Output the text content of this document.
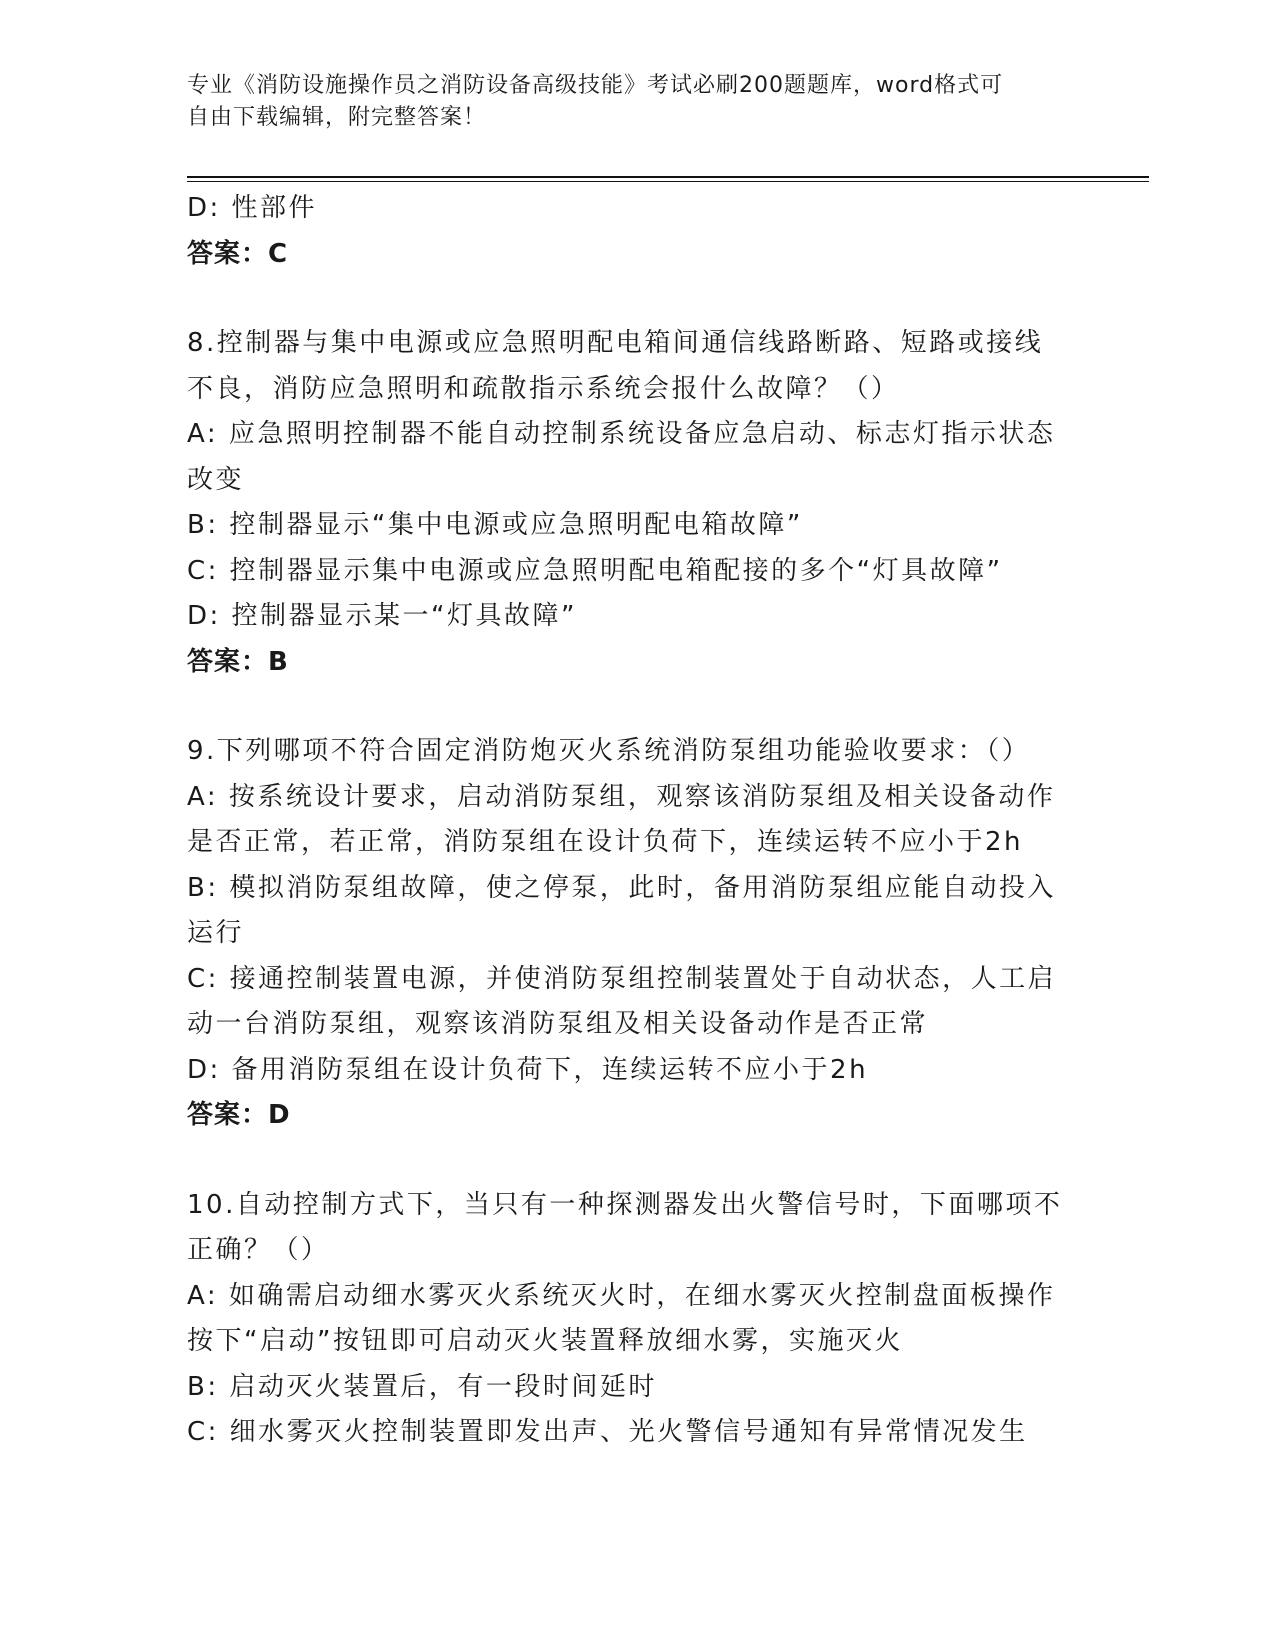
专业《消防设施操作员之消防设备高级技能》考试必刷200题题库，word格式可
自由下载编辑，附完整答案！
D: 性部件
答案：C
8.控制器与集中电源或应急照明配电箱间通信线路断路、短路或接线
不良，消防应急照明和疏散指示系统会报什么故障？（）
A: 应急照明控制器不能自动控制系统设备应急启动、标志灯指示状态
改变
B: 控制器显示“集中电源或应急照明配电箱故障”
C: 控制器显示集中电源或应急照明配电箱配接的多个“灯具故障”
D: 控制器显示某一“灯具故障”
答案：B
9.下列哪项不符合固定消防炮灭火系统消防泵组功能验收要求：（）
A: 按系统设计要求，启动消防泵组，观察该消防泵组及相关设备动作
是否正常，若正常，消防泵组在设计负荷下，连续运转不应小于2h
B: 模拟消防泵组故障，使之停泵，此时，备用消防泵组应能自动投入
运行
C: 接通控制装置电源，并使消防泵组控制装置处于自动状态，人工启
动一台消防泵组，观察该消防泵组及相关设备动作是否正常
D: 备用消防泵组在设计负荷下，连续运转不应小于2h
答案：D
10.自动控制方式下，当只有一种探测器发出火警信号时，下面哪项不
正确？（）
A: 如确需启动细水雾灭火系统灭火时，在细水雾灭火控制盘面板操作
按下“启动”按钮即可启动灭火装置释放细水雾，实施灭火
B: 启动灭火装置后，有一段时间延时
C: 细水雾灭火控制装置即发出声、光火警信号通知有异常情况发生
